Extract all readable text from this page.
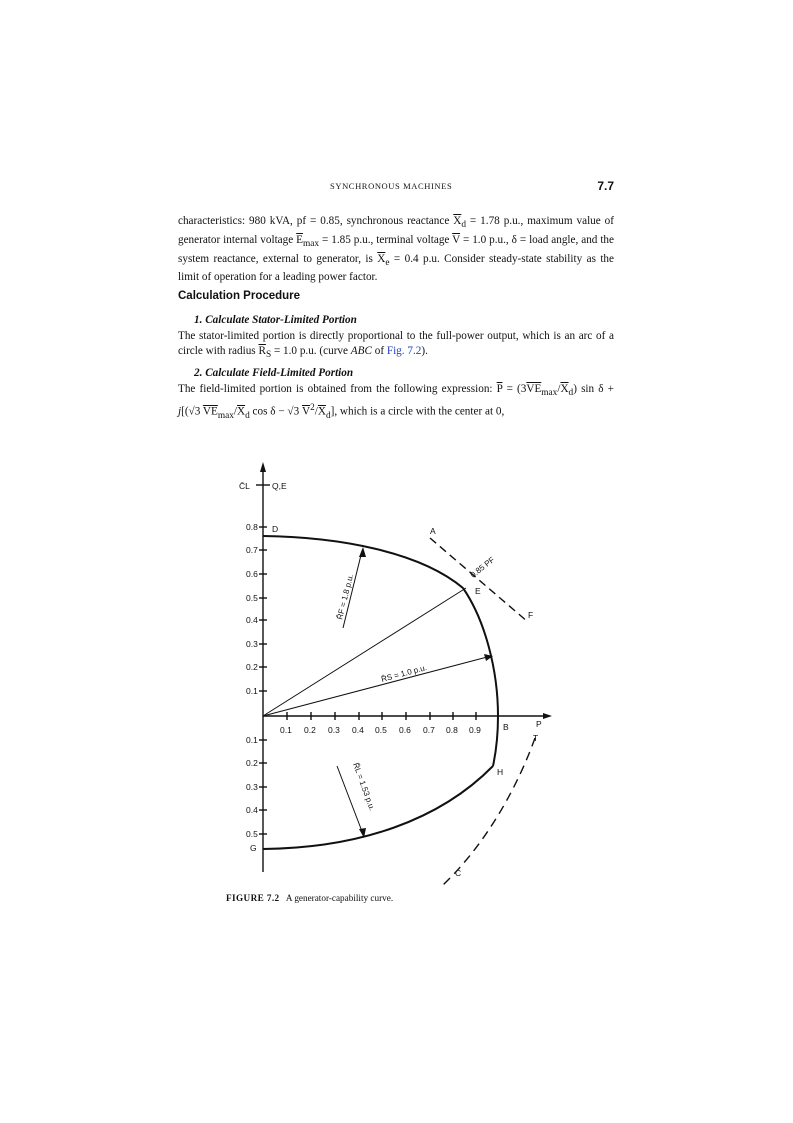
SYNCHRONOUS MACHINES	7.7
characteristics: 980 kVA, pf = 0.85, synchronous reactance $\overline{X}_d = 1.78$ p.u., maximum value of generator internal voltage $\overline{E}_{max} = 1.85$ p.u., terminal voltage $\overline{V} = 1.0$ p.u., δ = load angle, and the system reactance, external to generator, is $\overline{X}_e = 0.4$ p.u. Consider steady-state stability as the limit of operation for a leading power factor.
Calculation Procedure
1. Calculate Stator-Limited Portion
The stator-limited portion is directly proportional to the full-power output, which is an arc of a circle with radius $\overline{R}_S = 1.0$ p.u. (curve ABC of Fig. 7.2).
2. Calculate Field-Limited Portion
The field-limited portion is obtained from the following expression: $\overline{P} = (3\overline{VE}_{max}/\overline{X}_d)$ sin δ + j[(√3 $\overline{VE}_{max}/\overline{X}_d$ cos δ − √3 $\overline{V}^2/\overline{X}_d$], which is a circle with the center at 0,
0.8
0.7
0.6
0.5
0.4
0.3
0.2
0.1
0.1
0.2
0.3
0.4
0.5
0.1 0.2 0.3 0.4 0.5 0.6 0.7 0.8 0.9
C̄L	Q,E
P
T
A
B
C
D
E
F
G
H
0.85 PF
R̄F = 1.8 p.u.
R̄S = 1.0 p.u.
R̄L = 1.53 p.u.
FIGURE 7.2 A generator-capability curve.
